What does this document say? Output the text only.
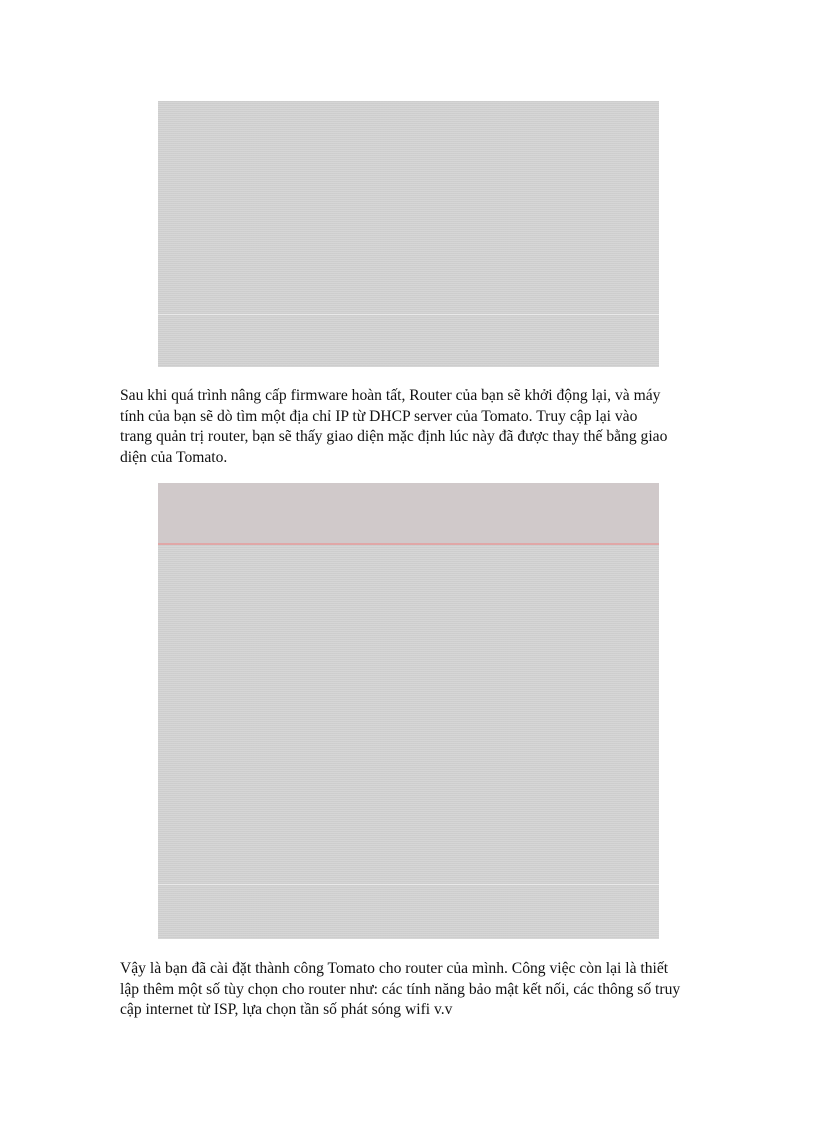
Sau khi quá trình nâng cấp firmware hoàn tất, Router của bạn sẽ khởi động lại, và máy
tính của bạn sẽ dò tìm một địa chỉ IP từ DHCP server của Tomato. Truy cập lại vào
trang quản trị router, bạn sẽ thấy giao diện mặc định lúc này đã được thay thế bằng giao
diện của Tomato.

Vậy là bạn đã cài đặt thành công Tomato cho router của mình. Công việc còn lại là thiết
lập thêm một số tùy chọn cho router như: các tính năng bảo mật kết nối, các thông số truy
cập internet từ ISP, lựa chọn tần số phát sóng wifi v.v
